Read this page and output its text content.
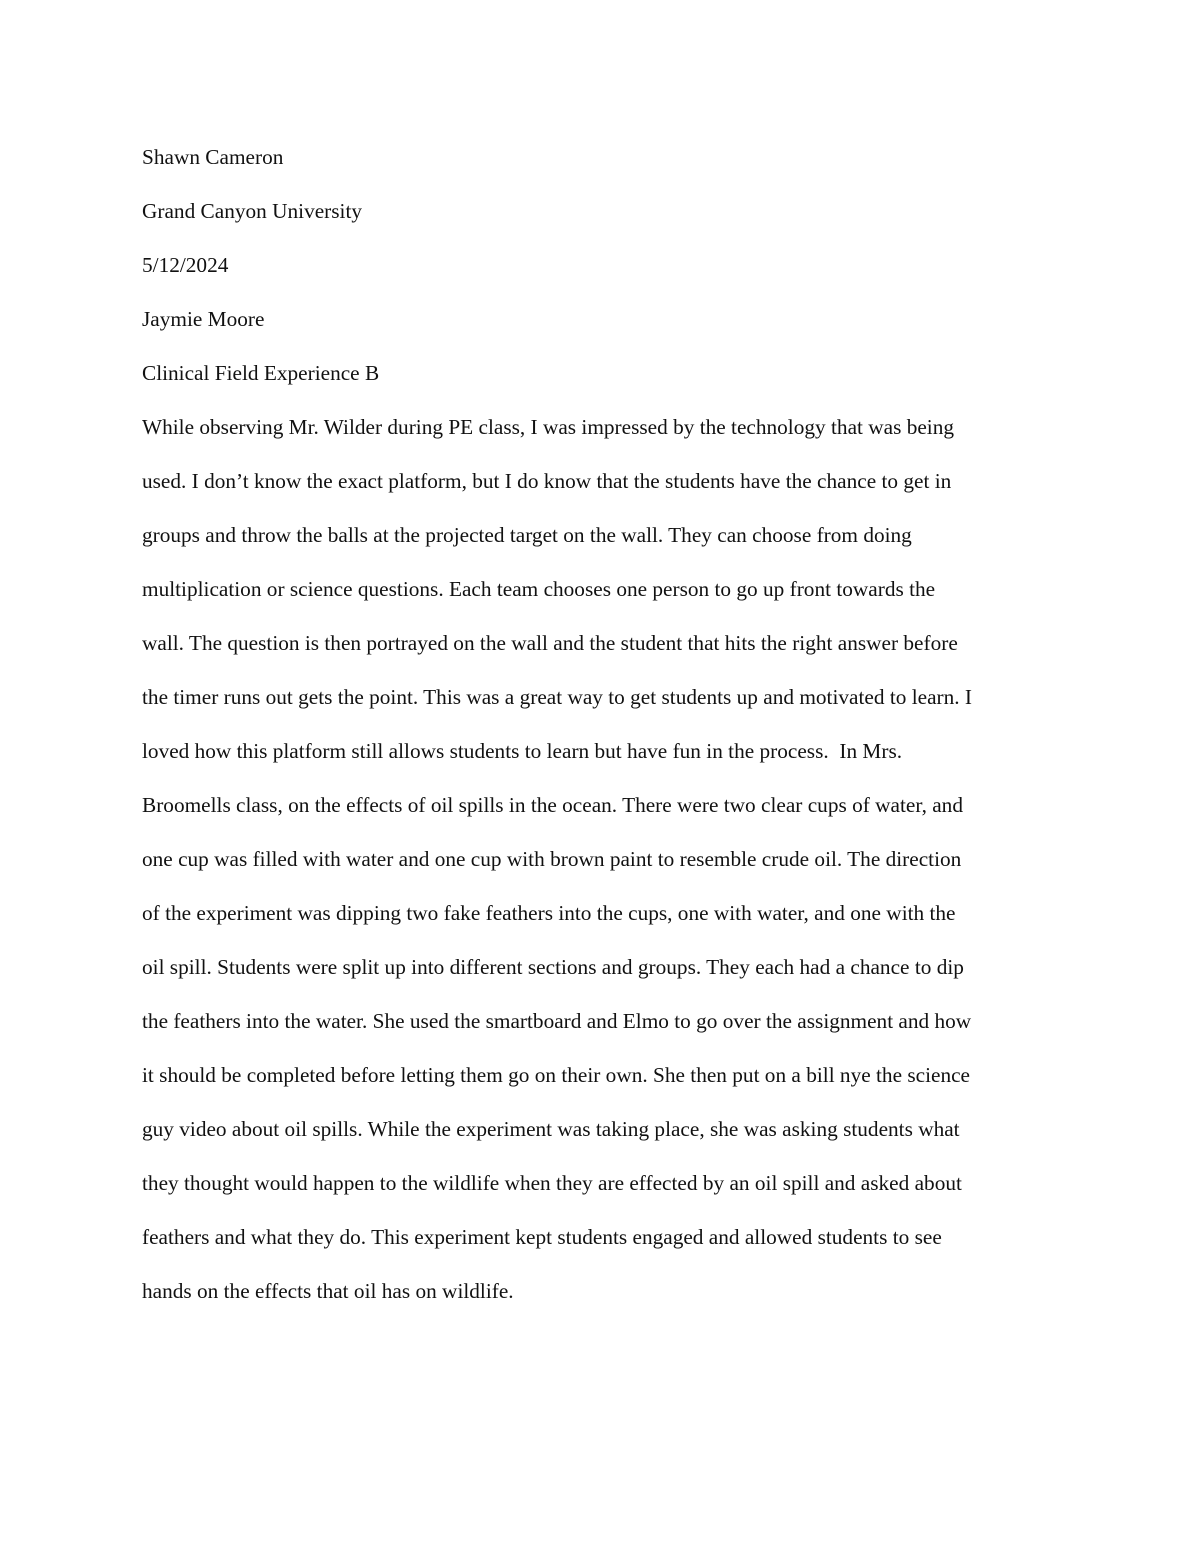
Shawn Cameron
Grand Canyon University
5/12/2024
Jaymie Moore
Clinical Field Experience B
While observing Mr. Wilder during PE class, I was impressed by the technology that was being
used. I don’t know the exact platform, but I do know that the students have the chance to get in
groups and throw the balls at the projected target on the wall. They can choose from doing
multiplication or science questions. Each team chooses one person to go up front towards the
wall. The question is then portrayed on the wall and the student that hits the right answer before
the timer runs out gets the point. This was a great way to get students up and motivated to learn. I
loved how this platform still allows students to learn but have fun in the process.  In Mrs.
Broomells class, on the effects of oil spills in the ocean. There were two clear cups of water, and
one cup was filled with water and one cup with brown paint to resemble crude oil. The direction
of the experiment was dipping two fake feathers into the cups, one with water, and one with the
oil spill. Students were split up into different sections and groups. They each had a chance to dip
the feathers into the water. She used the smartboard and Elmo to go over the assignment and how
it should be completed before letting them go on their own. She then put on a bill nye the science
guy video about oil spills. While the experiment was taking place, she was asking students what
they thought would happen to the wildlife when they are effected by an oil spill and asked about
feathers and what they do. This experiment kept students engaged and allowed students to see
hands on the effects that oil has on wildlife.
